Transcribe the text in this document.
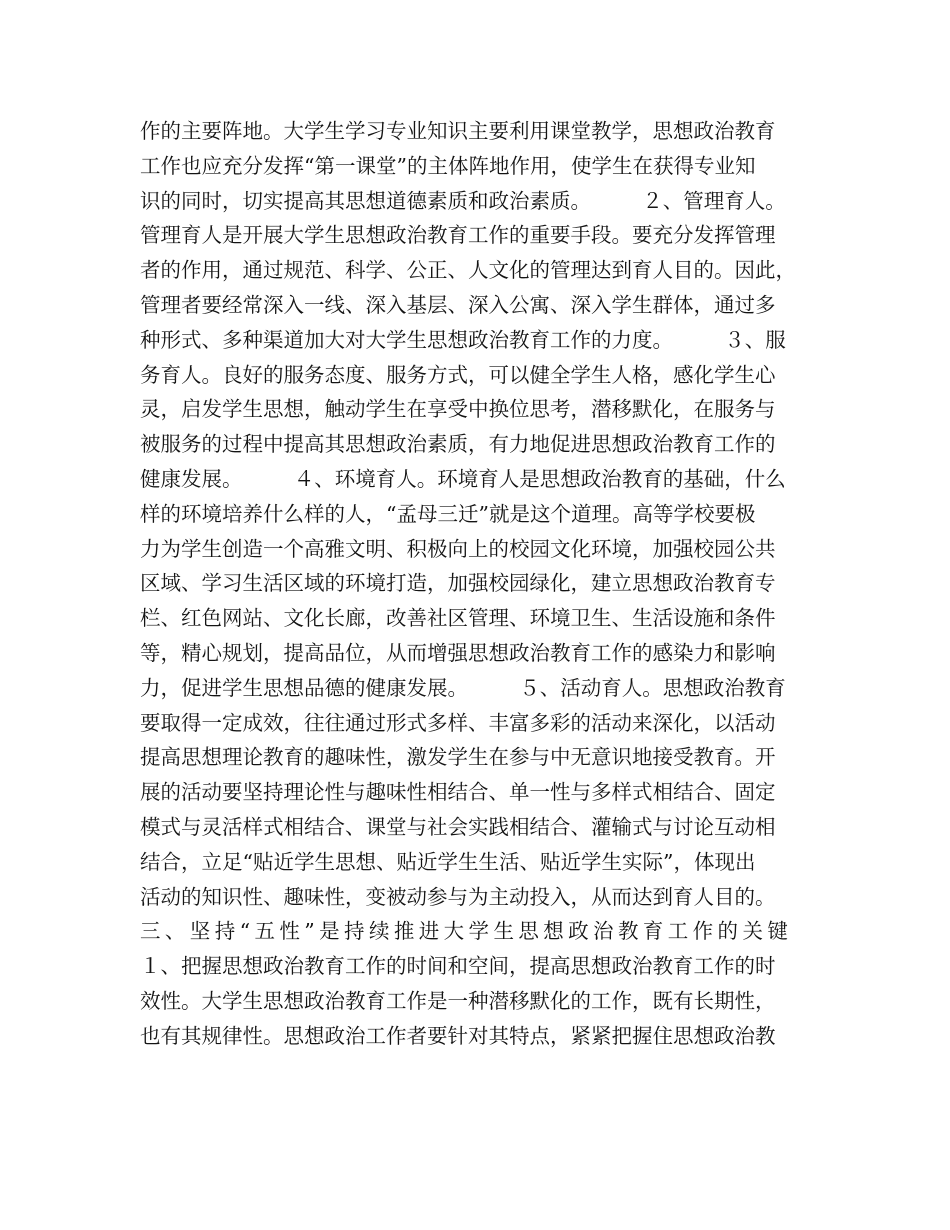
作的主要阵地。大学生学习专业知识主要利用课堂教学，思想政治教育
工作也应充分发挥“第一课堂”的主体阵地作用，使学生在获得专业知
识的同时，切实提高其思想道德素质和政治素质。　　　２、管理育人。
管理育人是开展大学生思想政治教育工作的重要手段。要充分发挥管理
者的作用，通过规范、科学、公正、人文化的管理达到育人目的。因此，
管理者要经常深入一线、深入基层、深入公寓、深入学生群体，通过多
种形式、多种渠道加大对大学生思想政治教育工作的力度。　　　３、服
务育人。良好的服务态度、服务方式，可以健全学生人格，感化学生心
灵，启发学生思想，触动学生在享受中换位思考，潜移默化，在服务与
被服务的过程中提高其思想政治素质，有力地促进思想政治教育工作的
健康发展。　　　４、环境育人。环境育人是思想政治教育的基础，什么
样的环境培养什么样的人，“孟母三迁”就是这个道理。高等学校要极
力为学生创造一个高雅文明、积极向上的校园文化环境，加强校园公共
区域、学习生活区域的环境打造，加强校园绿化，建立思想政治教育专
栏、红色网站、文化长廊，改善社区管理、环境卫生、生活设施和条件
等，精心规划，提高品位，从而增强思想政治教育工作的感染力和影响
力，促进学生思想品德的健康发展。　　　５、活动育人。思想政治教育
要取得一定成效，往往通过形式多样、丰富多彩的活动来深化，以活动
提高思想理论教育的趣味性，激发学生在参与中无意识地接受教育。开
展的活动要坚持理论性与趣味性相结合、单一性与多样式相结合、固定
模式与灵活样式相结合、课堂与社会实践相结合、灌输式与讨论互动相
结合，立足“贴近学生思想、贴近学生生活、贴近学生实际”，体现出
活动的知识性、趣味性，变被动参与为主动投入，从而达到育人目的。
三、坚持“五性”是持续推进大学生思想政治教育工作的关键
１、把握思想政治教育工作的时间和空间，提高思想政治教育工作的时
效性。大学生思想政治教育工作是一种潜移默化的工作，既有长期性，
也有其规律性。思想政治工作者要针对其特点，紧紧把握住思想政治教
